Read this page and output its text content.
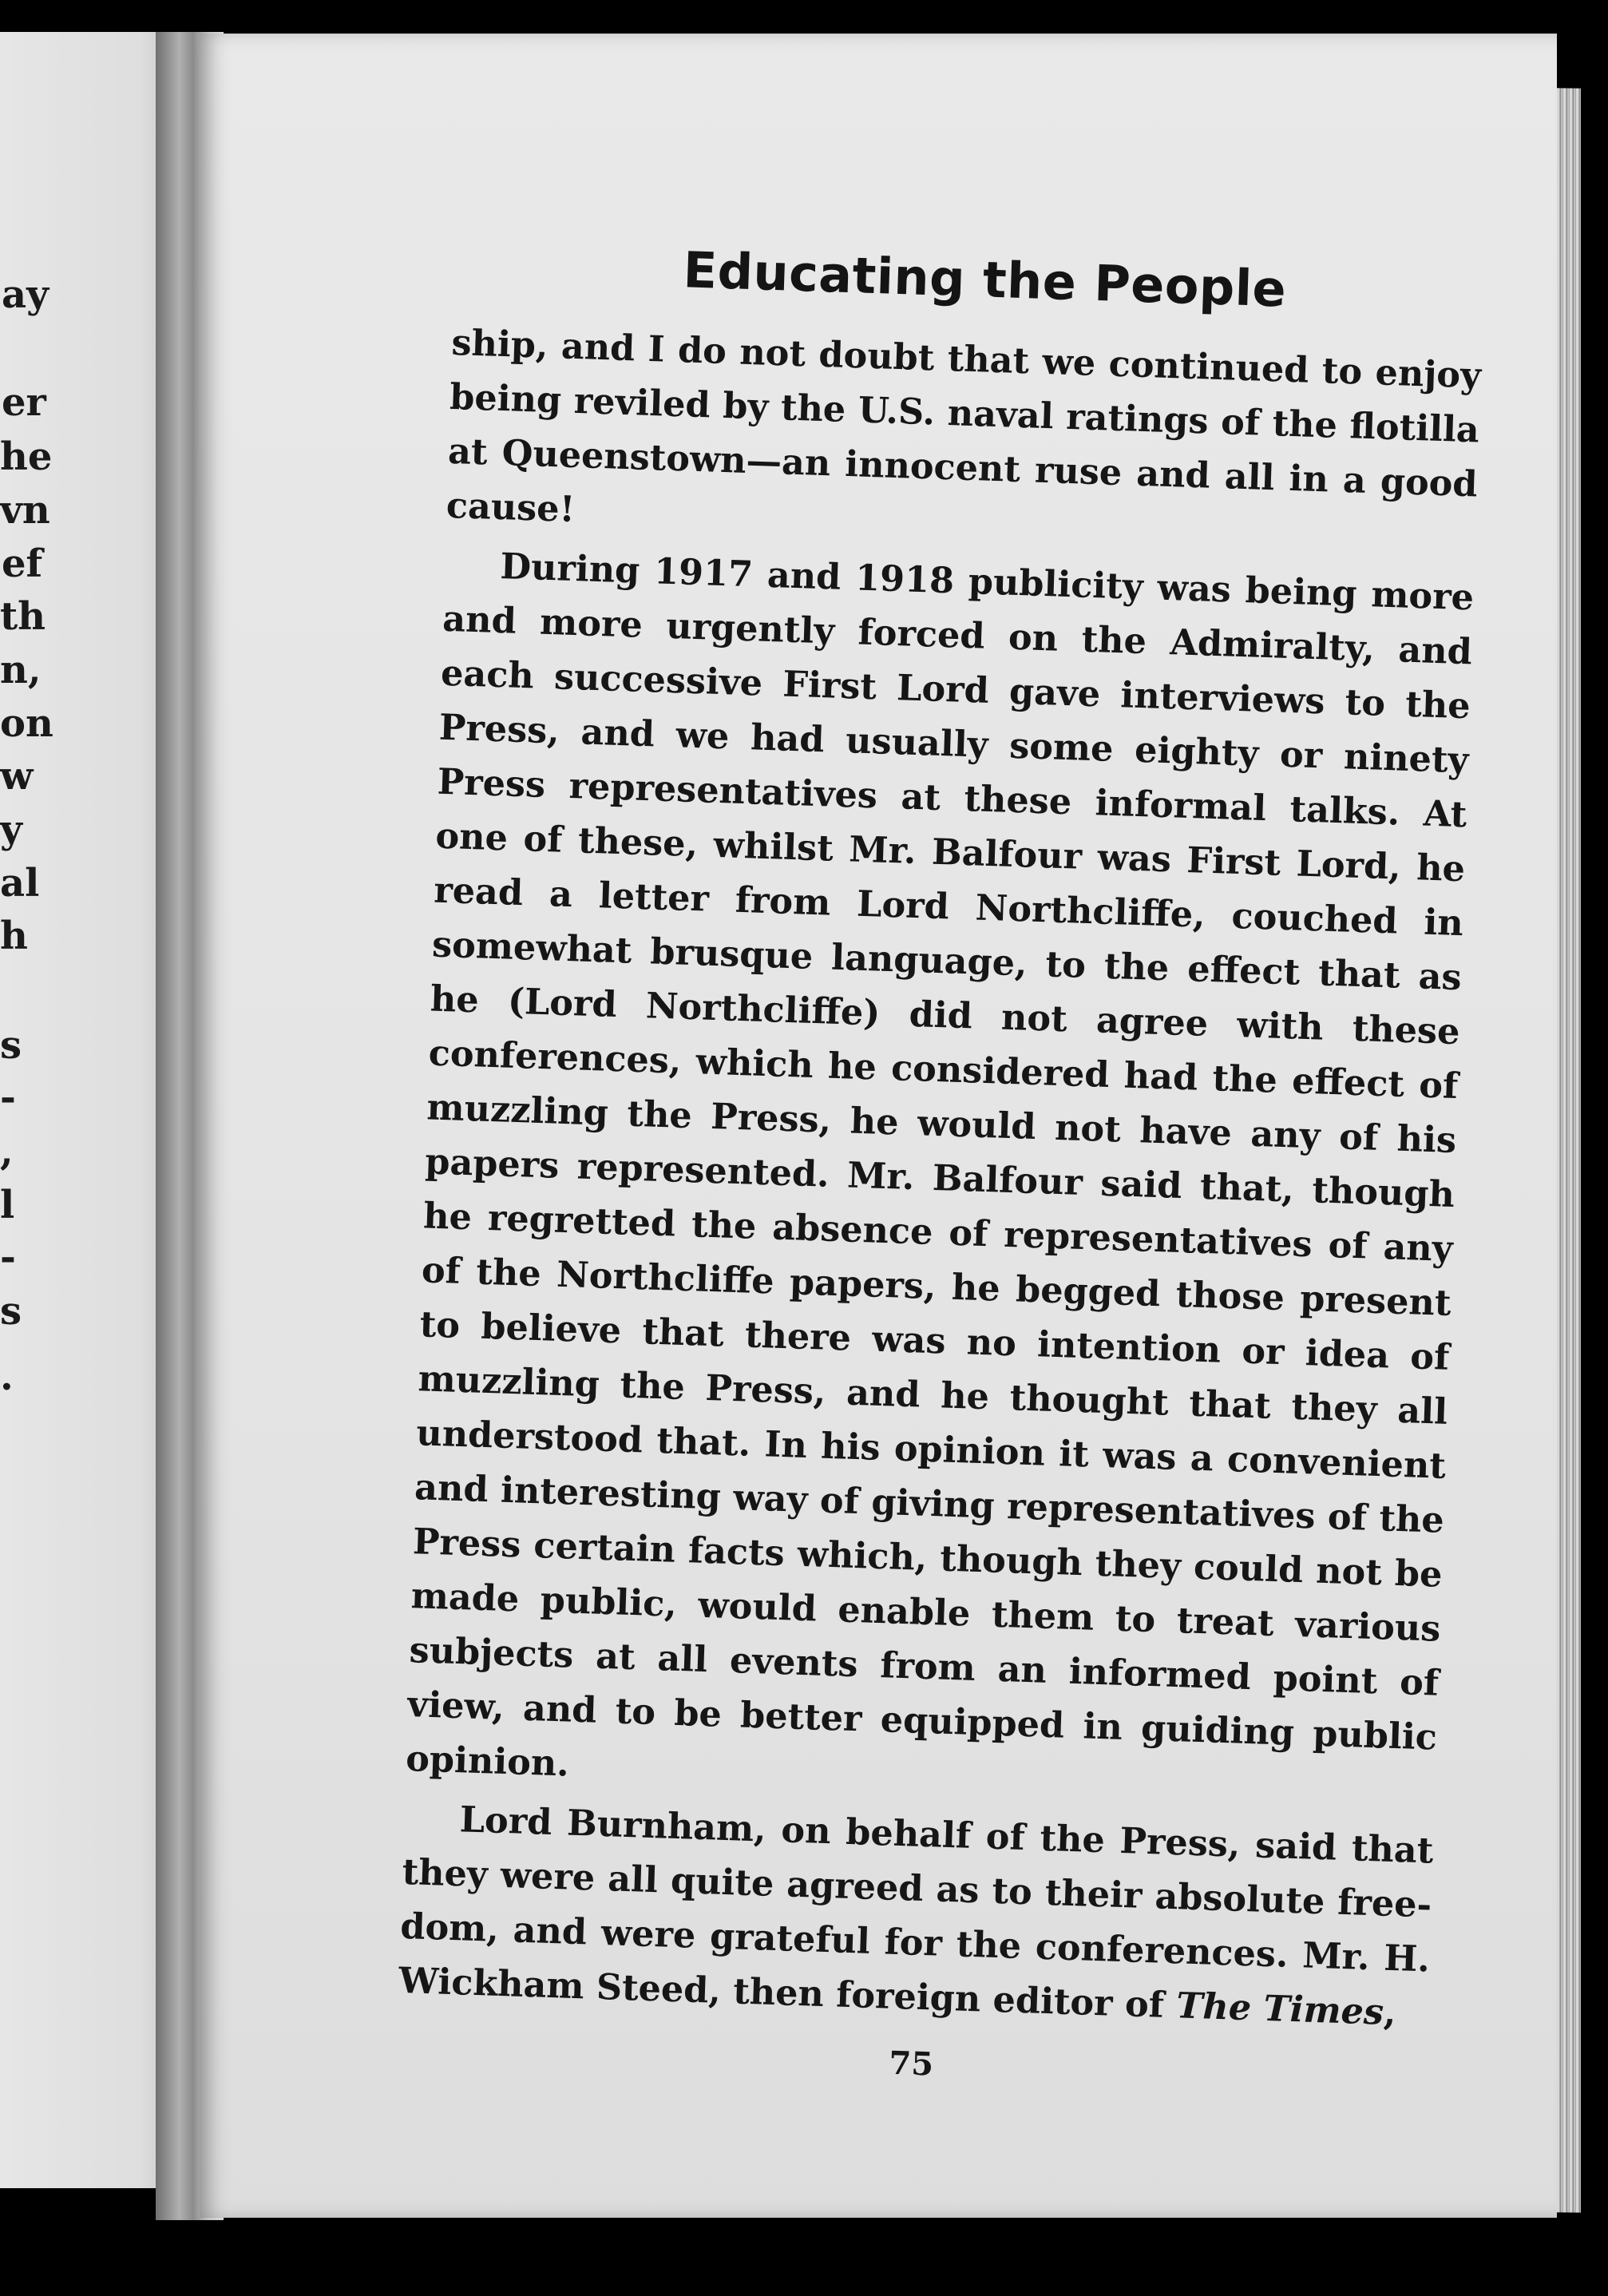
ay
er
he
vn
ef
th
n,
on
w
y
al
h
s
-
,
l
-
s
.
Educating the People

ship, and I do not doubt that we continued to enjoy being reviled by the U.S. naval ratings of the flotilla at Queenstown—an innocent ruse and all in a good cause!

During 1917 and 1918 publicity was being more and more urgently forced on the Admiralty, and each successive First Lord gave interviews to the Press, and we had usually some eighty or ninety Press representatives at these informal talks. At one of these, whilst Mr. Balfour was First Lord, he read a letter from Lord Northcliffe, couched in somewhat brusque language, to the effect that as he (Lord Northcliffe) did not agree with these conferences, which he considered had the effect of muzzling the Press, he would not have any of his papers represented. Mr. Balfour said that, though he regretted the absence of representatives of any of the Northcliffe papers, he begged those present to believe that there was no intention or idea of muzzling the Press, and he thought that they all understood that. In his opinion it was a convenient and interesting way of giving representatives of the Press certain facts which, though they could not be made public, would enable them to treat various subjects at all events from an informed point of view, and to be better equipped in guiding public opinion.

Lord Burnham, on behalf of the Press, said that they were all quite agreed as to their absolute freedom, and were grateful for the conferences. Mr. H. Wickham Steed, then foreign editor of The Times,

75
